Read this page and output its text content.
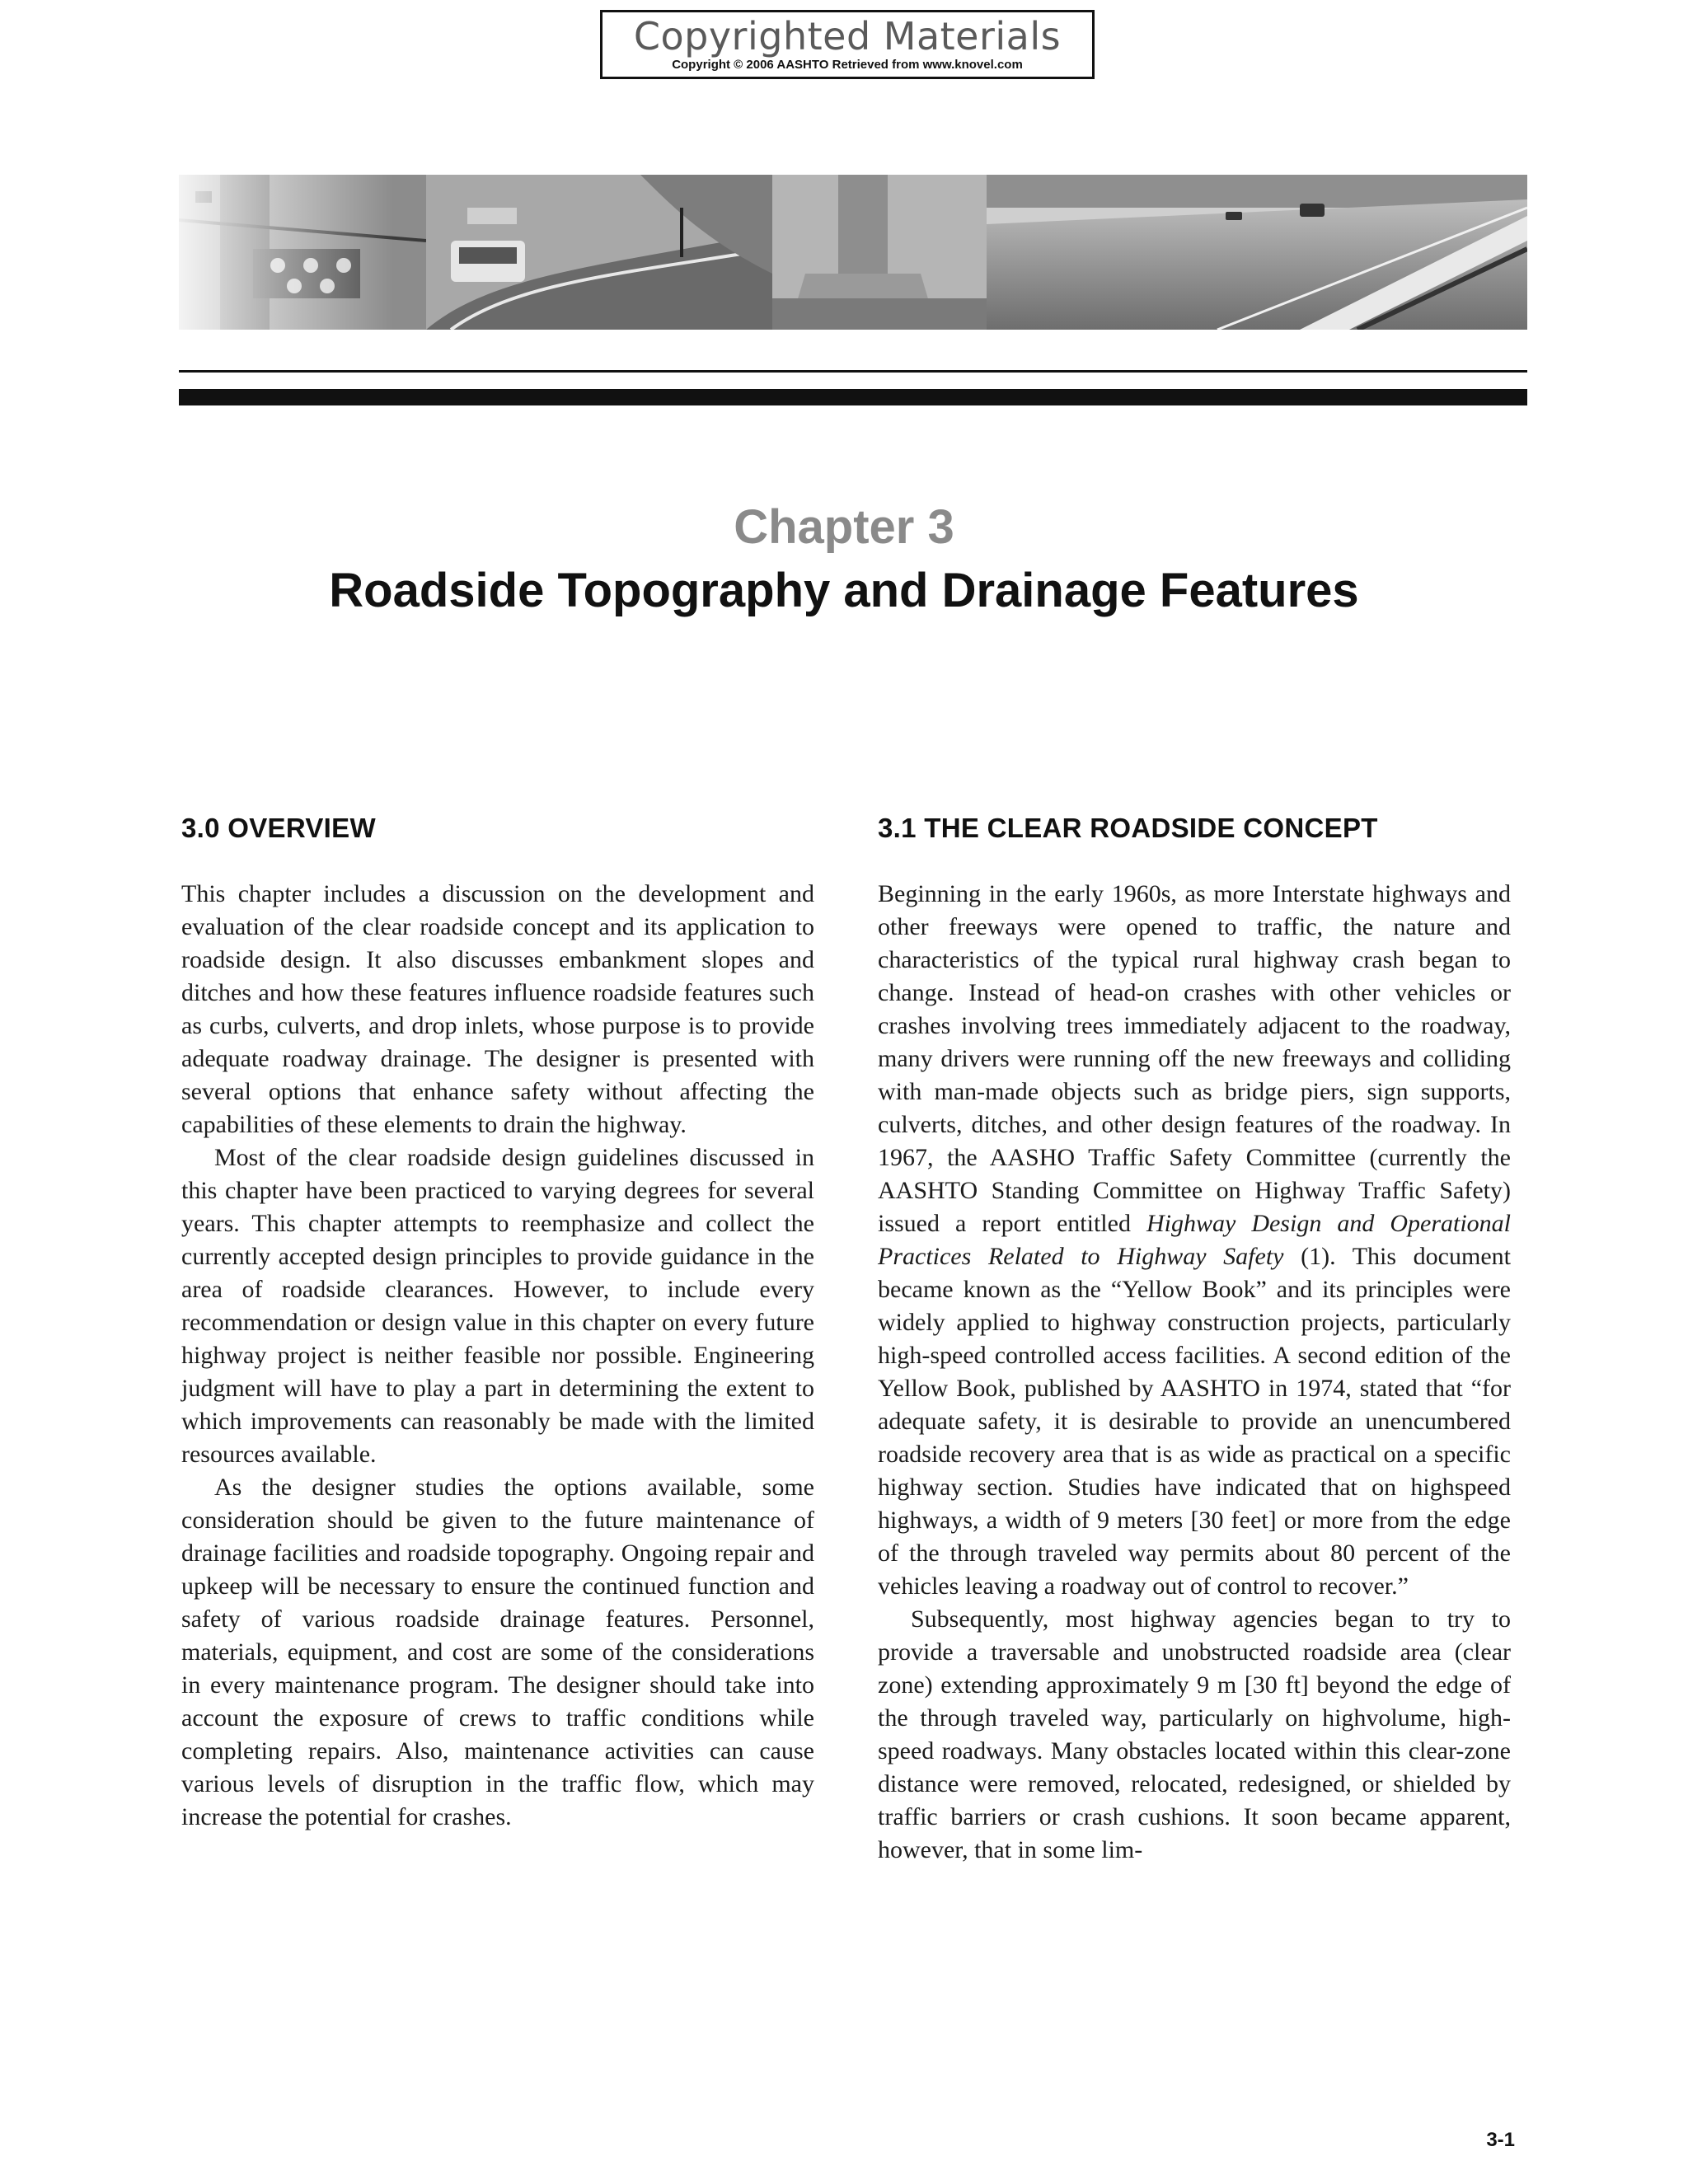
Copyrighted Materials
Copyright © 2006 AASHTO Retrieved from www.knovel.com
Chapter 3
Roadside Topography and Drainage Features
3.0 OVERVIEW

This chapter includes a discussion on the development and evaluation of the clear roadside concept and its application to roadside design. It also discusses embankment slopes and ditches and how these features influence roadside features such as curbs, culverts, and drop inlets, whose purpose is to provide adequate roadway drainage. The designer is presented with several options that enhance safety without affecting the capabilities of these elements to drain the highway.

Most of the clear roadside design guidelines discussed in this chapter have been practiced to varying degrees for several years. This chapter attempts to reemphasize and collect the currently accepted design principles to provide guidance in the area of roadside clearances. However, to include every recommendation or design value in this chapter on every future highway project is neither feasible nor possible. Engineering judgment will have to play a part in determining the extent to which improvements can reasonably be made with the limited resources available.

As the designer studies the options available, some consideration should be given to the future maintenance of drainage facilities and roadside topography. Ongoing repair and upkeep will be necessary to ensure the continued function and safety of various roadside drainage features. Personnel, materials, equipment, and cost are some of the considerations in every maintenance program. The designer should take into account the exposure of crews to traffic conditions while completing repairs. Also, maintenance activities can cause various levels of disruption in the traffic flow, which may increase the potential for crashes.

3.1 THE CLEAR ROADSIDE CONCEPT

Beginning in the early 1960s, as more Interstate highways and other freeways were opened to traffic, the nature and characteristics of the typical rural highway crash began to change. Instead of head-on crashes with other vehicles or crashes involving trees immediately adjacent to the roadway, many drivers were running off the new freeways and colliding with man-made objects such as bridge piers, sign supports, culverts, ditches, and other design features of the roadway. In 1967, the AASHO Traffic Safety Committee (currently the AASHTO Standing Committee on Highway Traffic Safety) issued a report entitled Highway Design and Operational Practices Related to Highway Safety (1). This document became known as the “Yellow Book” and its principles were widely applied to highway construction projects, particularly high-speed controlled access facilities. A second edition of the Yellow Book, published by AASHTO in 1974, stated that “for adequate safety, it is desirable to provide an unencumbered roadside recovery area that is as wide as practical on a specific highway section. Studies have indicated that on highspeed highways, a width of 9 meters [30 feet] or more from the edge of the through traveled way permits about 80 percent of the vehicles leaving a roadway out of control to recover.”

Subsequently, most highway agencies began to try to provide a traversable and unobstructed roadside area (clear zone) extending approximately 9 m [30 ft] beyond the edge of the through traveled way, particularly on highvolume, high-speed roadways. Many obstacles located within this clear-zone distance were removed, relocated, redesigned, or shielded by traffic barriers or crash cushions. It soon became apparent, however, that in some lim-

3-1
